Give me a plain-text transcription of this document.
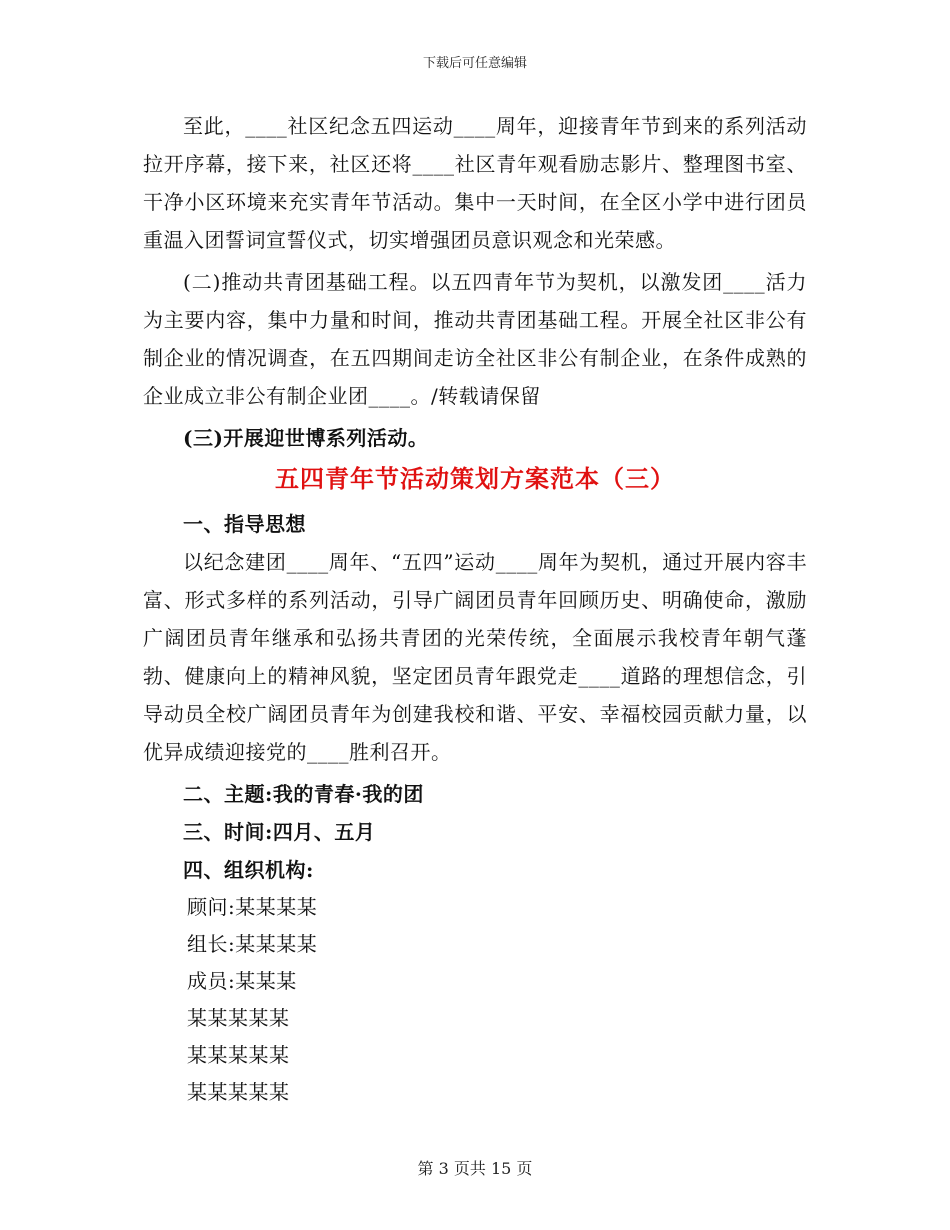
下载后可任意编辑

至此，____社区纪念五四运动____周年，迎接青年节到来的系列活动拉开序幕，接下来，社区还将____社区青年观看励志影片、整理图书室、干净小区环境来充实青年节活动。集中一天时间，在全区小学中进行团员重温入团誓词宣誓仪式，切实增强团员意识观念和光荣感。

(二)推动共青团基础工程。以五四青年节为契机，以激发团____活力为主要内容，集中力量和时间，推动共青团基础工程。开展全社区非公有制企业的情况调查，在五四期间走访全社区非公有制企业，在条件成熟的企业成立非公有制企业团____。/转载请保留

(三)开展迎世博系列活动。

五四青年节活动策划方案范本（三）

一、指导思想

以纪念建团____周年、“五四”运动____周年为契机，通过开展内容丰富、形式多样的系列活动，引导广阔团员青年回顾历史、明确使命，激励广阔团员青年继承和弘扬共青团的光荣传统，全面展示我校青年朝气蓬勃、健康向上的精神风貌，坚定团员青年跟党走____道路的理想信念，引导动员全校广阔团员青年为创建我校和谐、平安、幸福校园贡献力量，以优异成绩迎接党的____胜利召开。

二、主题:我的青春·我的团

三、时间:四月、五月

四、组织机构:

顾问:某某某某

组长:某某某某

成员:某某某

某某某某某

某某某某某

某某某某某

第 3 页共 15 页
